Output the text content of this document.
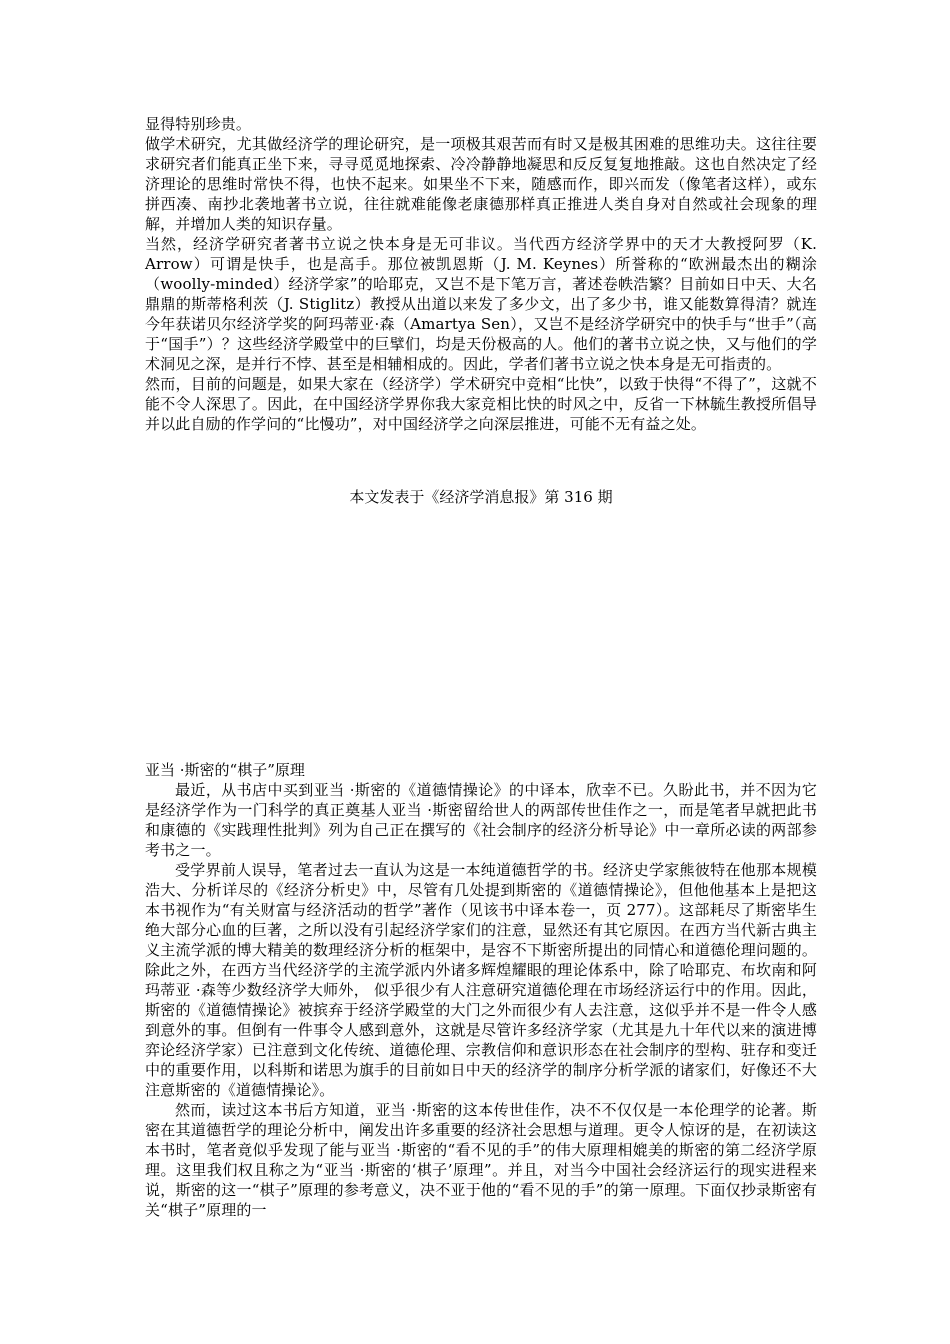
显得特别珍贵。

做学术研究，尤其做经济学的理论研究，是一项极其艰苦而有时又是极其困难的思维功夫。这往往要求研究者们能真正坐下来，寻寻觅觅地探索、冷冷静静地凝思和反反复复地推敲。这也自然决定了经济理论的思维时常快不得，也快不起来。如果坐不下来，随感而作，即兴而发（像笔者这样），或东拼西凑、南抄北袭地著书立说，往往就难能像老康德那样真正推进人类自身对自然或社会现象的理解，并增加人类的知识存量。

当然，经济学研究者著书立说之快本身是无可非议。当代西方经济学界中的天才大教授阿罗（K. Arrow）可谓是快手，也是高手。那位被凯恩斯（J. M. Keynes）所誉称的“欧洲最杰出的糊涂（woolly-minded）经济学家”的哈耶克，又岂不是下笔万言，著述卷帙浩繁？目前如日中天、大名鼎鼎的斯蒂格利茨（J. Stiglitz）教授从出道以来发了多少文，出了多少书，谁又能数算得清？就连今年获诺贝尔经济学奖的阿玛蒂亚·森（Amartya Sen），又岂不是经济学研究中的快手与“世手”（高于“国手”）？这些经济学殿堂中的巨擘们，均是天份极高的人。他们的著书立说之快，又与他们的学术洞见之深，是并行不悖、甚至是相辅相成的。因此，学者们著书立说之快本身是无可指责的。

然而，目前的问题是，如果大家在（经济学）学术研究中竞相“比快”，以致于快得“不得了”，这就不能不令人深思了。因此，在中国经济学界你我大家竞相比快的时风之中，反省一下林毓生教授所倡导并以此自励的作学问的“比慢功”，对中国经济学之向深层推进，可能不无有益之处。

本文发表于《经济学消息报》第 316 期
亚当 ·斯密的“棋子”原理

最近，从书店中买到亚当 ·斯密的《道德情操论》的中译本，欣幸不已。久盼此书，并不因为它是经济学作为一门科学的真正奠基人亚当 ·斯密留给世人的两部传世佳作之一，而是笔者早就把此书和康德的《实践理性批判》列为自己正在撰写的《社会制序的经济分析导论》中一章所必读的两部参考书之一。

受学界前人误导，笔者过去一直认为这是一本纯道德哲学的书。经济史学家熊彼特在他那本规模浩大、分析详尽的《经济分析史》中，尽管有几处提到斯密的《道德情操论》，但他他基本上是把这本书视作为“有关财富与经济活动的哲学”著作（见该书中译本卷一，页 277）。这部耗尽了斯密毕生绝大部分心血的巨著，之所以没有引起经济学家们的注意，显然还有其它原因。在西方当代新古典主义主流学派的博大精美的数理经济分析的框架中，是容不下斯密所提出的同情心和道德伦理问题的。除此之外，在西方当代经济学的主流学派内外诸多辉煌耀眼的理论体系中，除了哈耶克、布坎南和阿玛蒂亚 ·森等少数经济学大师外， 似乎很少有人注意研究道德伦理在市场经济运行中的作用。因此，斯密的《道德情操论》被摈弃于经济学殿堂的大门之外而很少有人去注意，这似乎并不是一件令人感到意外的事。但倒有一件事令人感到意外，这就是尽管许多经济学家（尤其是九十年代以来的演进博弈论经济学家）已注意到文化传统、道德伦理、宗教信仰和意识形态在社会制序的型构、驻存和变迁中的重要作用，以科斯和诺思为旗手的目前如日中天的经济学的制序分析学派的诸家们，好像还不大注意斯密的《道德情操论》。

然而，读过这本书后方知道，亚当 ·斯密的这本传世佳作，决不不仅仅是一本伦理学的论著。斯密在其道德哲学的理论分析中，阐发出许多重要的经济社会思想与道理。更令人惊讶的是，在初读这本书时，笔者竟似乎发现了能与亚当 ·斯密的“看不见的手”的伟大原理相媲美的斯密的第二经济学原理。这里我们权且称之为“亚当 ·斯密的‘棋子’原理”。并且，对当今中国社会经济运行的现实进程来说，斯密的这一“棋子”原理的参考意义，决不亚于他的“看不见的手”的第一原理。下面仅抄录斯密有关“棋子”原理的一
